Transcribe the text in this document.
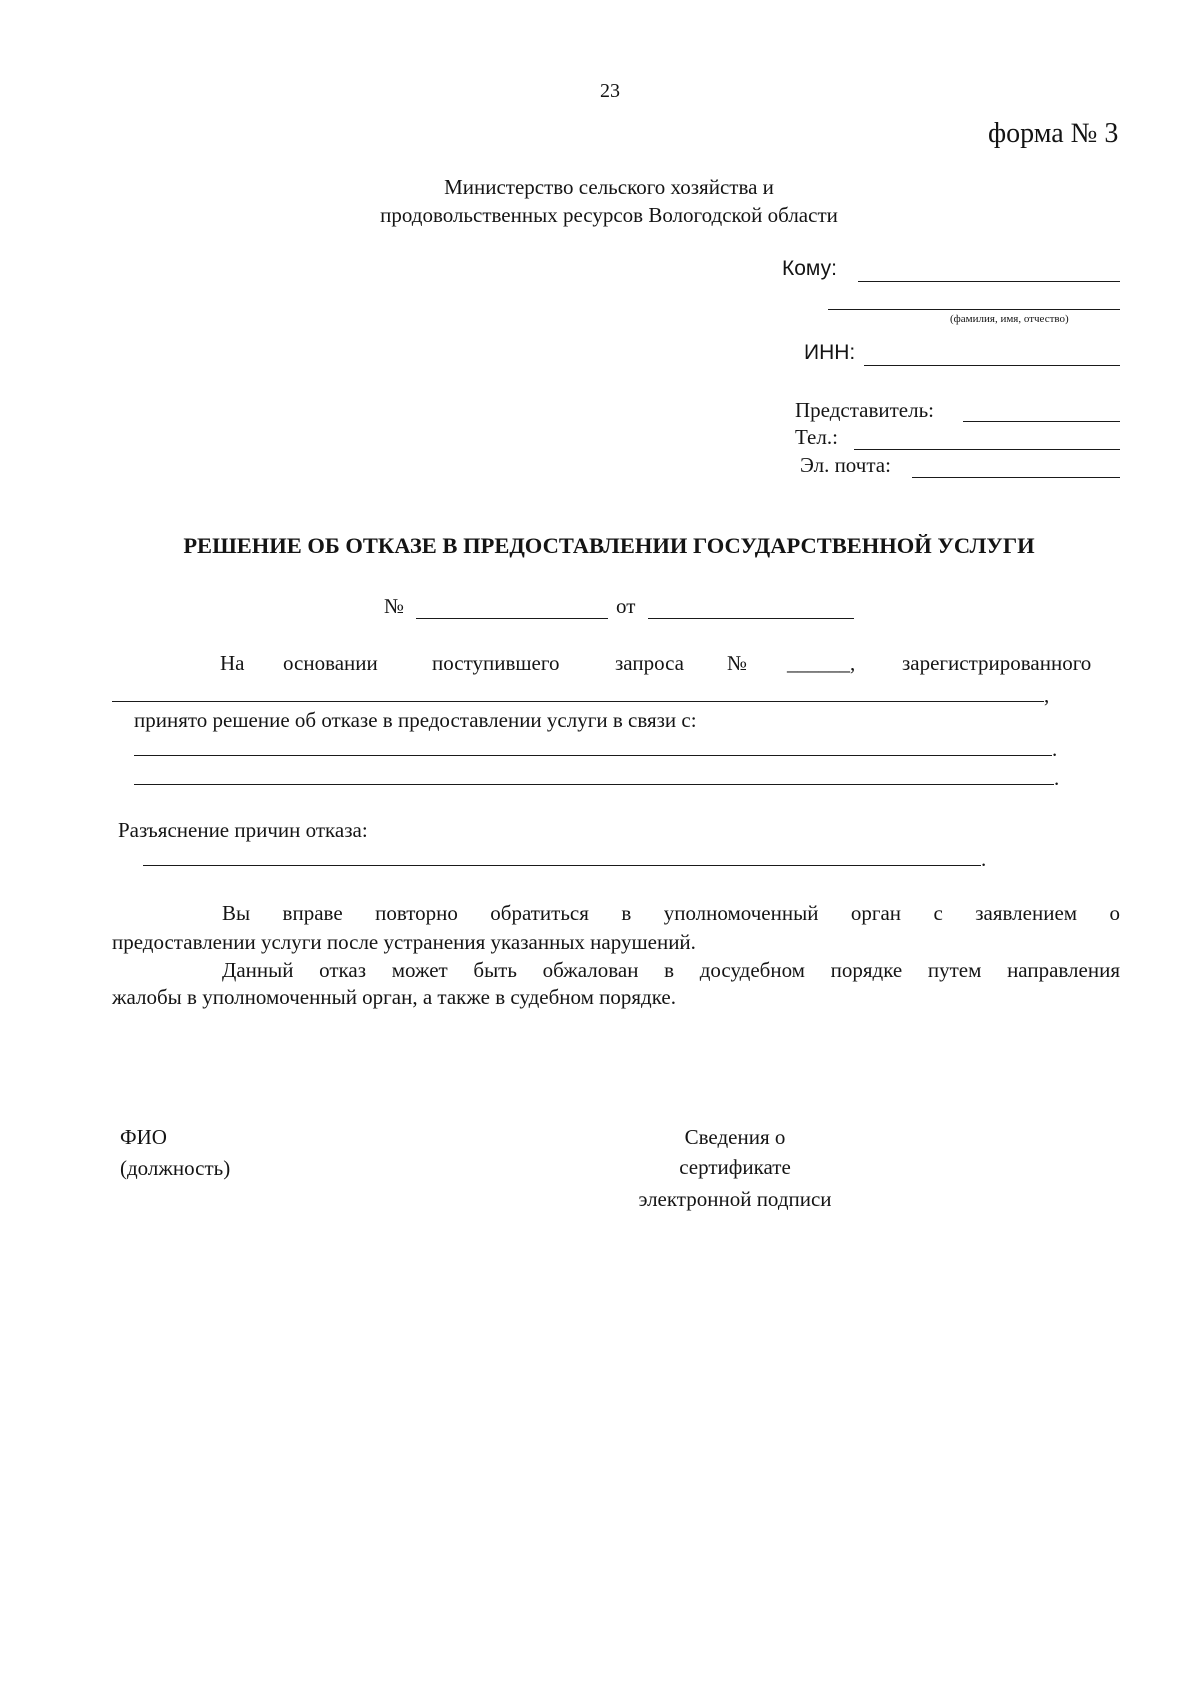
23
форма № 3
Министерство сельского хозяйства и
продовольственных ресурсов Вологодской области
Кому:
(фамилия, имя, отчество)
ИНН:
Представитель:
Тел.:
Эл. почта:
РЕШЕНИЕ ОБ ОТКАЗЕ В ПРЕДОСТАВЛЕНИИ ГОСУДАРСТВЕННОЙ УСЛУГИ
№	от
На основании	поступившего	запроса № ______, зарегистрированного
,
принято решение об отказе в предоставлении услуги в связи с:
.
.
Разъяснение причин отказа:
.
Вы вправе повторно обратиться в уполномоченный орган с заявлением о
предоставлении услуги после устранения указанных нарушений.
Данный отказ может быть обжалован в досудебном порядке путем направления
жалобы в уполномоченный орган, а также в судебном порядке.
ФИО
(должность)
Сведения о
сертификате
электронной подписи
